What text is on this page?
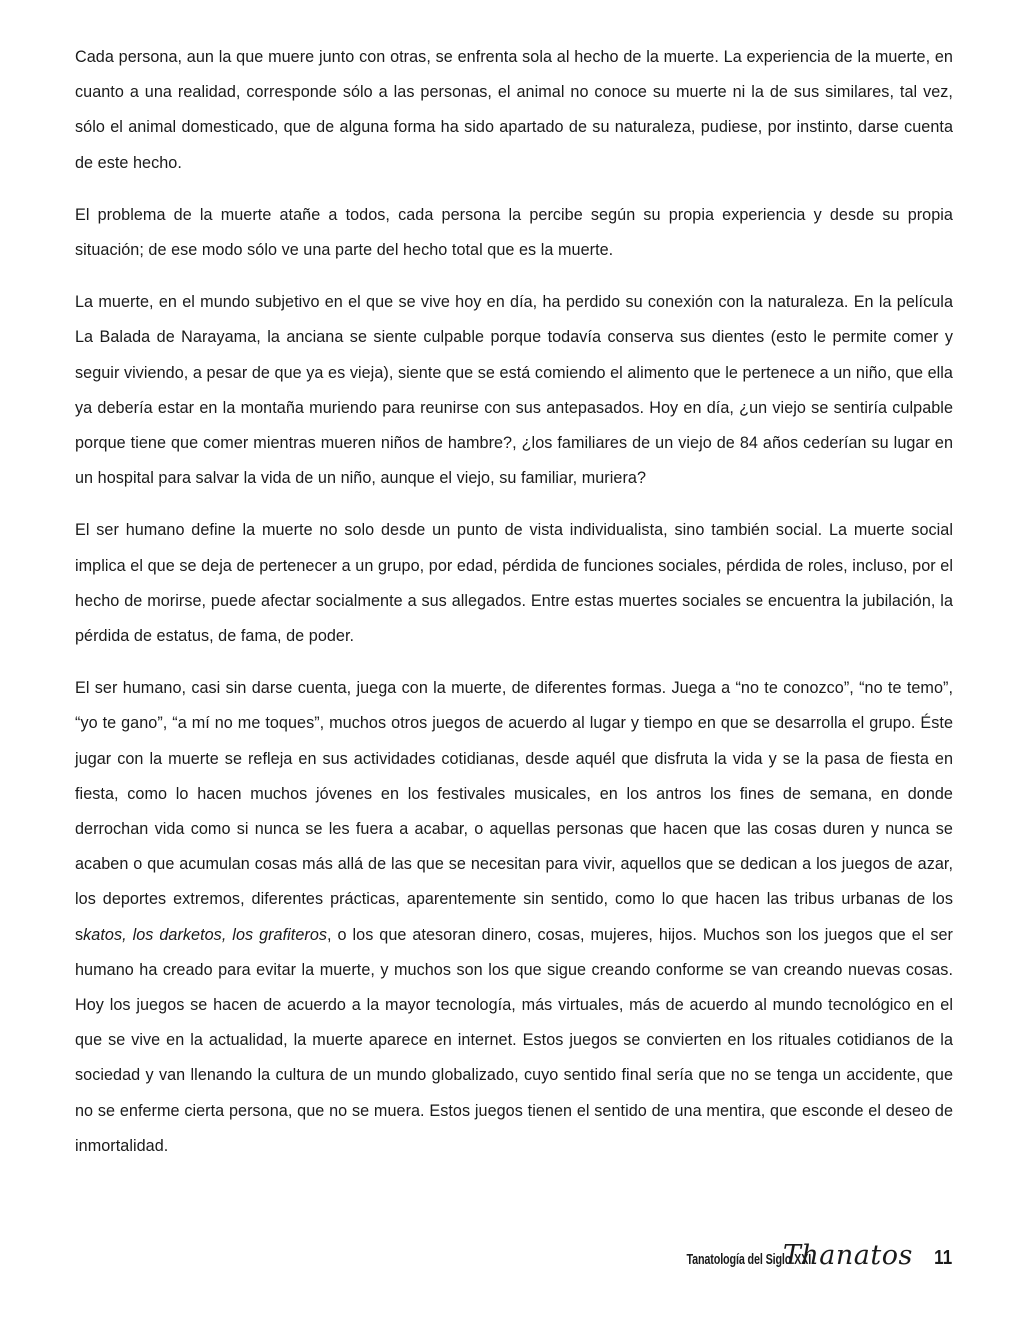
Cada persona, aun la que muere junto con otras, se enfrenta sola al hecho de la muerte. La experiencia de la muerte, en cuanto a una realidad, corresponde sólo a las personas, el animal no conoce su muerte ni la de sus similares, tal vez, sólo el animal domesticado, que de alguna forma ha sido apartado de su naturaleza, pudiese, por instinto, darse cuenta de este hecho.

El problema de la muerte atañe a todos, cada persona la percibe según su propia experiencia y desde su propia situación; de ese modo sólo ve una parte del hecho total que es la muerte.

La muerte, en el mundo subjetivo en el que se vive hoy en día, ha perdido su conexión con la naturaleza. En la película La Balada de Narayama, la anciana se siente culpable porque todavía conserva sus dientes (esto le permite comer y seguir viviendo, a pesar de que ya es vieja), siente que se está comiendo el alimento que le pertenece a un niño, que ella ya debería estar en la montaña muriendo para reunirse con sus antepasados. Hoy en día, ¿un viejo se sentiría culpable porque tiene que comer mientras mueren niños de hambre?, ¿los familiares de un viejo de 84 años cederían su lugar en un hospital para salvar la vida de un niño, aunque el viejo, su familiar, muriera?

El ser humano define la muerte no solo desde un punto de vista individualista, sino también social. La muerte social implica el que se deja de pertenecer a un grupo, por edad, pérdida de funciones sociales, pérdida de roles, incluso, por el hecho de morirse, puede afectar socialmente a sus allegados. Entre estas muertes sociales se encuentra la jubilación, la pérdida de estatus, de fama, de poder.

El ser humano, casi sin darse cuenta, juega con la muerte, de diferentes formas. Juega a “no te conozco”, “no te temo”, “yo te gano”, “a mí no me toques”, muchos otros juegos de acuerdo al lugar y tiempo en que se desarrolla el grupo. Éste jugar con la muerte se refleja en sus actividades cotidianas, desde aquél que disfruta la vida y se la pasa de fiesta en fiesta, como lo hacen muchos jóvenes en los festivales musicales, en los antros los fines de semana, en donde derrochan vida como si nunca se les fuera a acabar, o aquellas personas que hacen que las cosas duren y nunca se acaben o que acumulan cosas más allá de las que se necesitan para vivir, aquellos que se dedican a los juegos de azar, los deportes extremos, diferentes prácticas, aparentemente sin sentido, como lo que hacen las tribus urbanas de los skatos, los darketos, los grafiteros, o los que atesoran dinero, cosas, mujeres, hijos. Muchos son los juegos que el ser humano ha creado para evitar la muerte, y muchos son los que sigue creando conforme se van creando nuevas cosas. Hoy los juegos se hacen de acuerdo a la mayor tecnología, más virtuales, más de acuerdo al mundo tecnológico en el que se vive en la actualidad, la muerte aparece en internet. Estos juegos se convierten en los rituales cotidianos de la sociedad y van llenando la cultura de un mundo globalizado, cuyo sentido final sería que no se tenga un accidente, que no se enferme cierta persona, que no se muera. Estos juegos tienen el sentido de una mentira, que esconde el deseo de inmortalidad.

Tanatología del Siglo XXI
Thanatos 11
